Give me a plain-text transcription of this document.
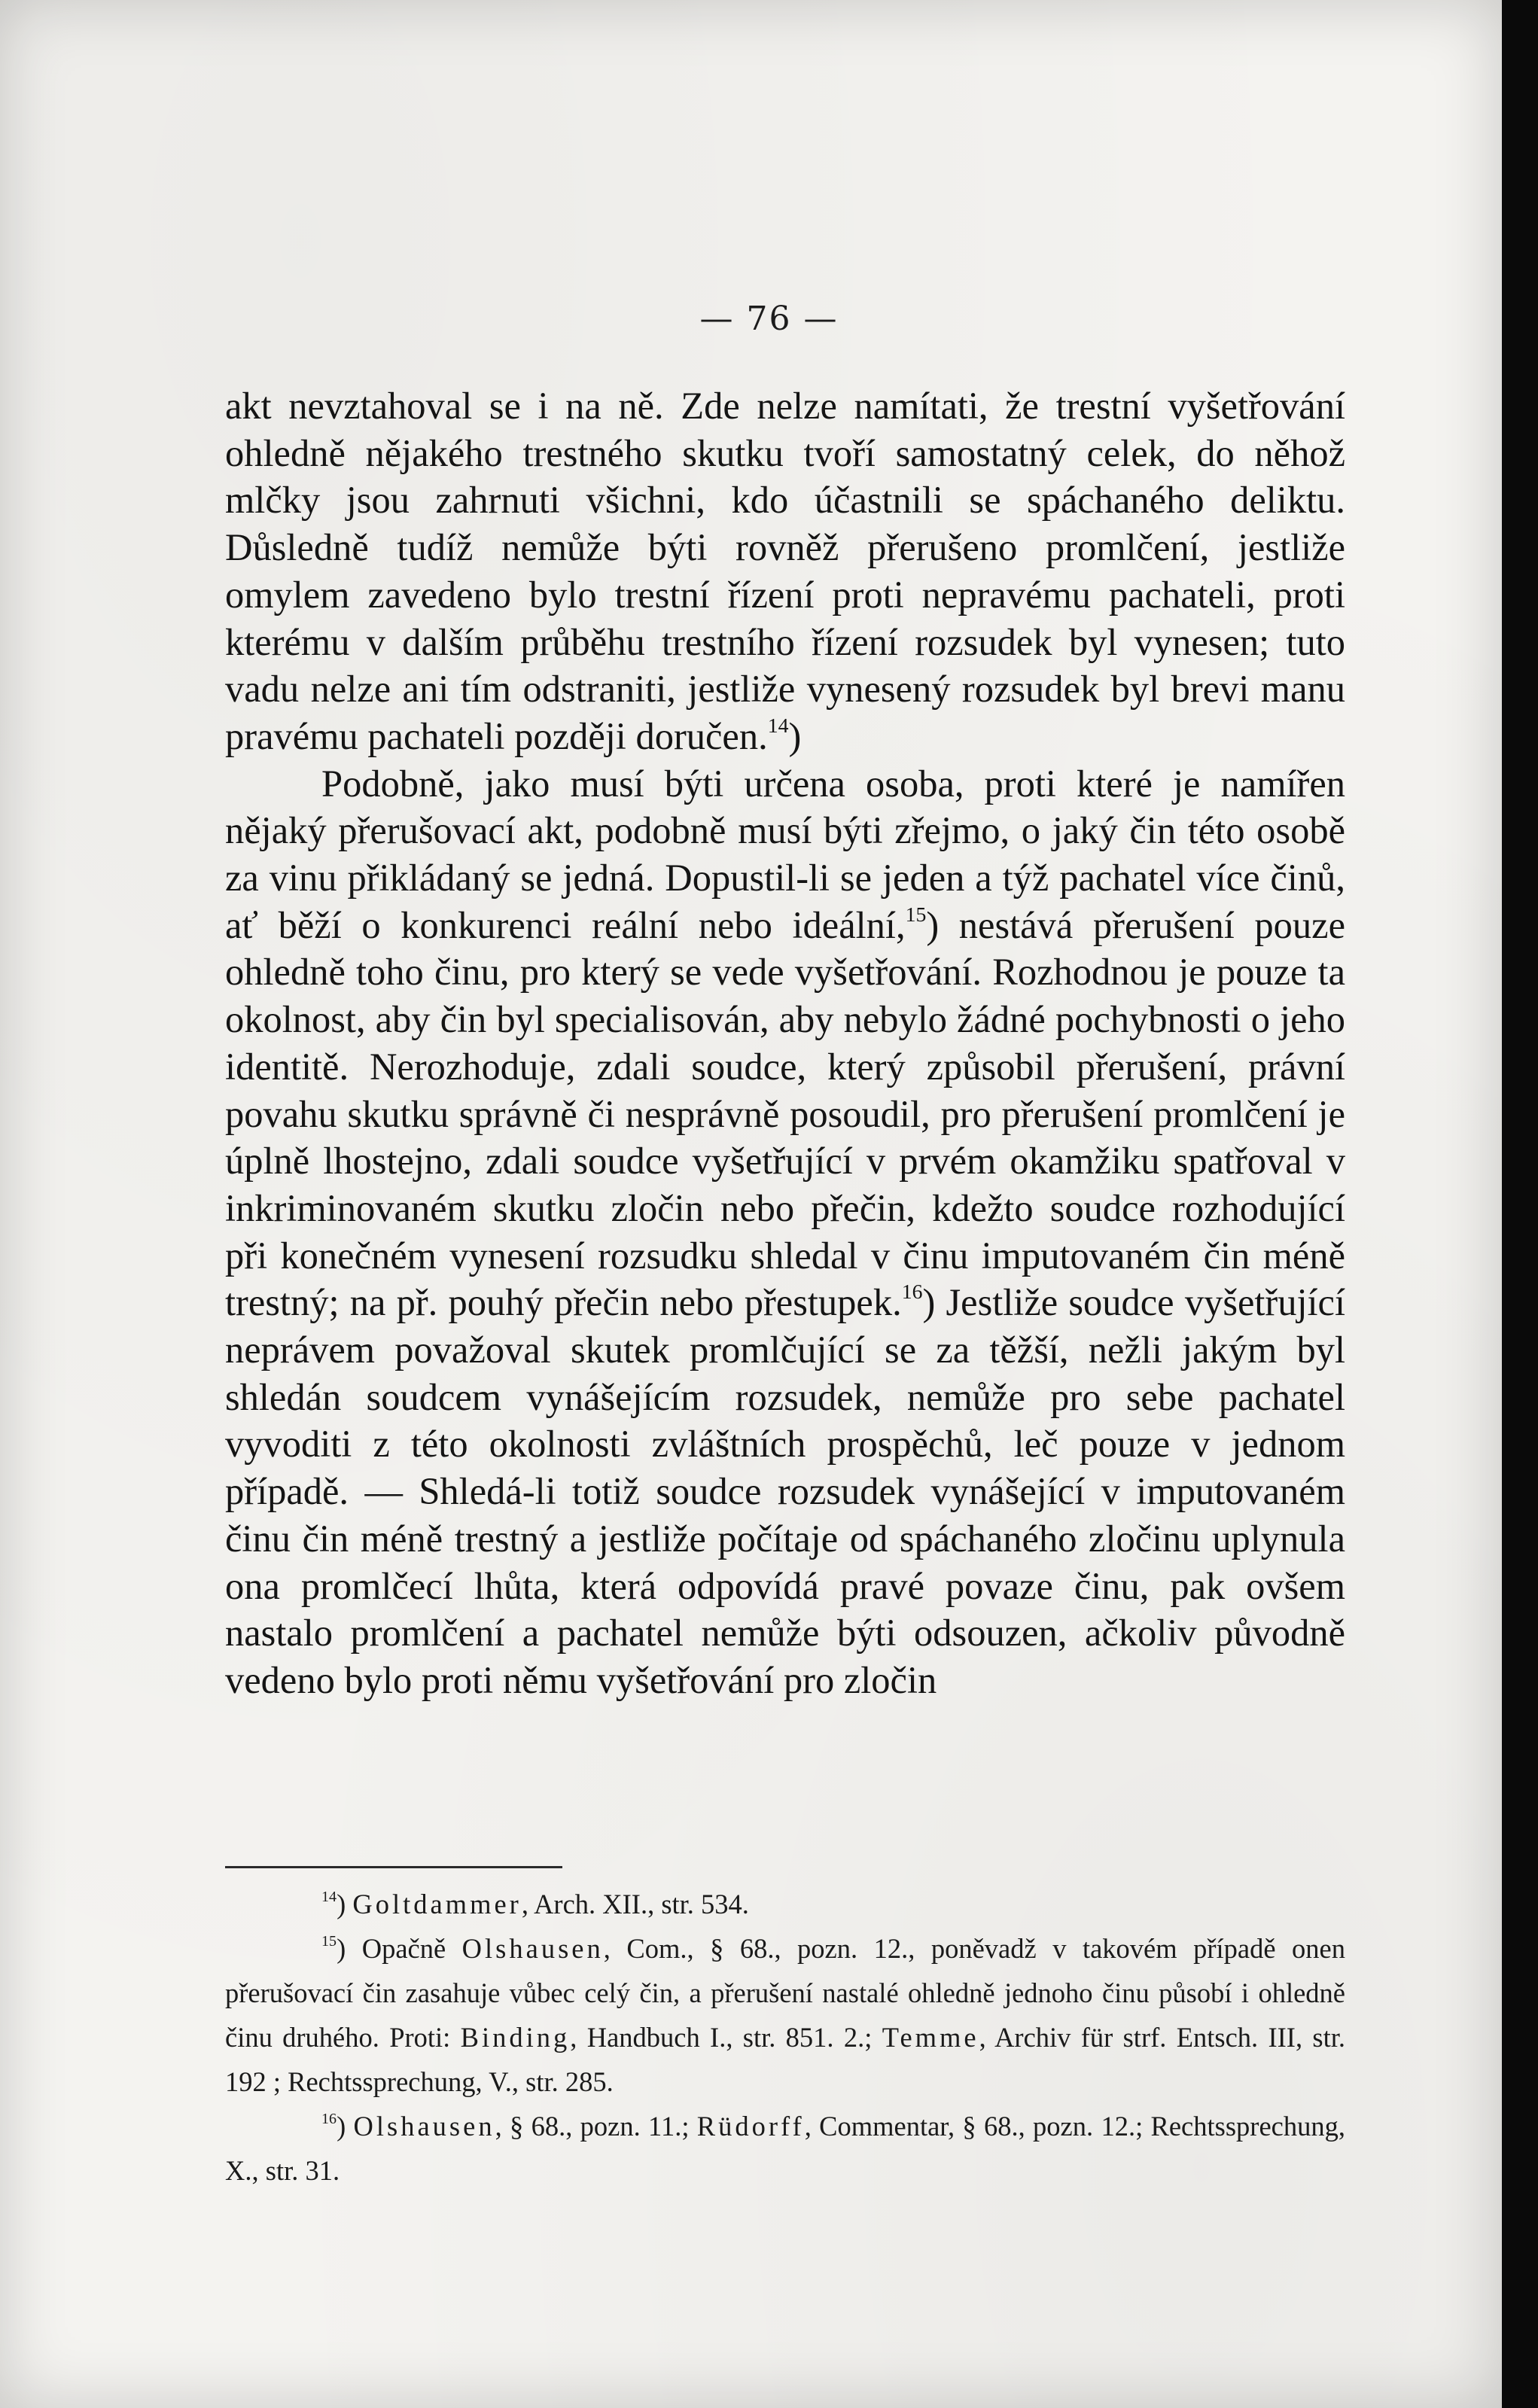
— 76 —

akt nevztahoval se i na ně. Zde nelze namítati, že trestní vyšetřování ohledně nějakého trestného skutku tvoří samostatný celek, do něhož mlčky jsou zahrnuti všichni, kdo účastnili se spáchaného deliktu. Důsledně tudíž nemůže býti rovněž přerušeno promlčení, jestliže omylem zavedeno bylo trestní řízení proti nepravému pachateli, proti kterému v dalším průběhu trestního řízení rozsudek byl vynesen; tuto vadu nelze ani tím odstraniti, jestliže vynesený rozsudek byl brevi manu pravému pachateli později doručen.$^{14}$)

Podobně, jako musí býti určena osoba, proti které je namířen nějaký přerušovací akt, podobně musí býti zřejmo, o jaký čin této osobě za vinu přikládaný se jedná. Dopustil-li se jeden a týž pachatel více činů, ať běží o konkurenci reální nebo ideální,$^{15}$) nestává přerušení pouze ohledně toho činu, pro který se vede vyšetřování. Rozhodnou je pouze ta okolnost, aby čin byl specialisován, aby nebylo žádné pochybnosti o jeho identitě. Nerozhoduje, zdali soudce, který způsobil přerušení, právní povahu skutku správně či nesprávně posoudil, pro přerušení promlčení je úplně lhostejno, zdali soudce vyšetřující v prvém okamžiku spatřoval v inkriminovaném skutku zločin nebo přečin, kdežto soudce rozhodující při konečném vynesení rozsudku shledal v činu imputovaném čin méně trestný; na př. pouhý přečin nebo přestupek.$^{16}$) Jestliže soudce vyšetřující neprávem považoval skutek promlčující se za těžší, nežli jakým byl shledán soudcem vynášejícím rozsudek, nemůže pro sebe pachatel vyvoditi z této okolnosti zvláštních prospěchů, leč pouze v jednom případě. — Shledá-li totiž soudce rozsudek vynášející v imputovaném činu čin méně trestný a jestliže počítaje od spáchaného zločinu uplynula ona promlčecí lhůta, která odpovídá pravé povaze činu, pak ovšem nastalo promlčení a pachatel nemůže býti odsouzen, ačkoliv původně vedeno bylo proti němu vyšetřování pro zločin

$^{14}$) Goltdammer, Arch. XII., str. 534.

$^{15}$) Opačně Olshausen, Com., § 68., pozn. 12., poněvadž v takovém případě onen přerušovací čin zasahuje vůbec celý čin, a přerušení nastalé ohledně jednoho činu působí i ohledně činu druhého. Proti: Binding, Handbuch I., str. 851. 2.; Temme, Archiv für strf. Entsch. III, str. 192 ; Rechtssprechung, V., str. 285.

$^{16}$) Olshausen, § 68., pozn. 11.; Rüdorff, Commentar, § 68., pozn. 12.; Rechtssprechung, X., str. 31.
